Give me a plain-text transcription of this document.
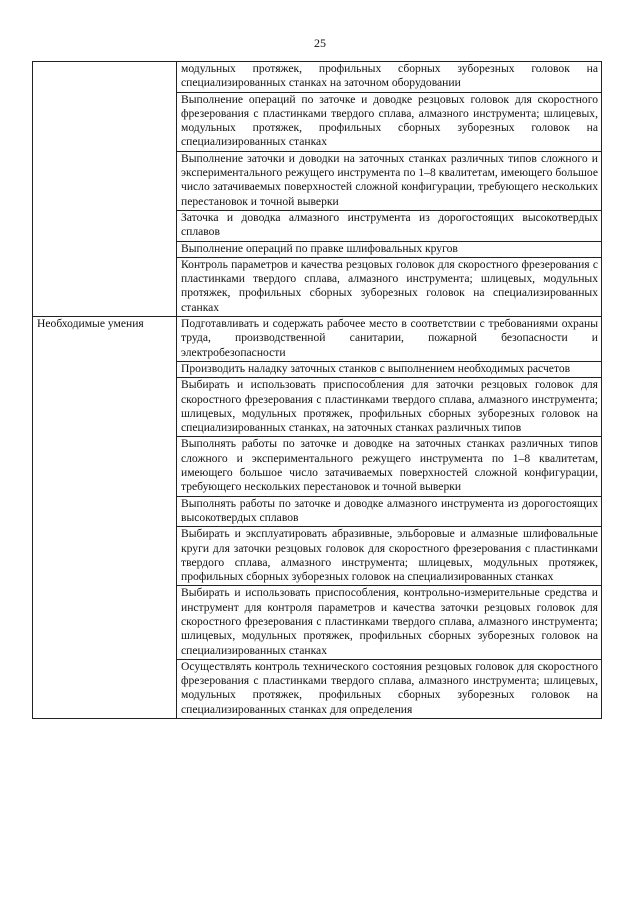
25
	модульных протяжек, профильных сборных зуборезных головок на специализированных станках на заточном оборудовании
	Выполнение операций по заточке и доводке резцовых головок для скоростного фрезерования с пластинками твердого сплава, алмазного инструмента; шлицевых, модульных протяжек, профильных сборных зуборезных головок на специализированных станках
	Выполнение заточки и доводки на заточных станках различных типов сложного и экспериментального режущего инструмента по 1–8 квалитетам, имеющего большое число затачиваемых поверхностей сложной конфигурации, требующего нескольких перестановок и точной выверки
	Заточка и доводка алмазного инструмента из дорогостоящих высокотвердых сплавов
	Выполнение операций по правке шлифовальных кругов
	Контроль параметров и качества резцовых головок для скоростного фрезерования с пластинками твердого сплава, алмазного инструмента; шлицевых, модульных протяжек, профильных сборных зуборезных головок на специализированных станках
Необходимые умения	Подготавливать и содержать рабочее место в соответствии с требованиями охраны труда, производственной санитарии, пожарной безопасности и электробезопасности
	Производить наладку заточных станков с выполнением необходимых расчетов
	Выбирать и использовать приспособления для заточки резцовых головок для скоростного фрезерования с пластинками твердого сплава, алмазного инструмента; шлицевых, модульных протяжек, профильных сборных зуборезных головок на специализированных станках, на заточных станках различных типов
	Выполнять работы по заточке и доводке на заточных станках различных типов сложного и экспериментального режущего инструмента по 1–8 квалитетам, имеющего большое число затачиваемых поверхностей сложной конфигурации, требующего нескольких перестановок и точной выверки
	Выполнять работы по заточке и доводке алмазного инструмента из дорогостоящих высокотвердых сплавов
	Выбирать и эксплуатировать абразивные, эльборовые и алмазные шлифовальные круги для заточки резцовых головок для скоростного фрезерования с пластинками твердого сплава, алмазного инструмента; шлицевых, модульных протяжек, профильных сборных зуборезных головок на специализированных станках
	Выбирать и использовать приспособления, контрольно-измерительные средства и инструмент для контроля параметров и качества заточки резцовых головок для скоростного фрезерования с пластинками твердого сплава, алмазного инструмента; шлицевых, модульных протяжек, профильных сборных зуборезных головок на специализированных станках
	Осуществлять контроль технического состояния резцовых головок для скоростного фрезерования с пластинками твердого сплава, алмазного инструмента; шлицевых, модульных протяжек, профильных сборных зуборезных головок на специализированных станках для определения
